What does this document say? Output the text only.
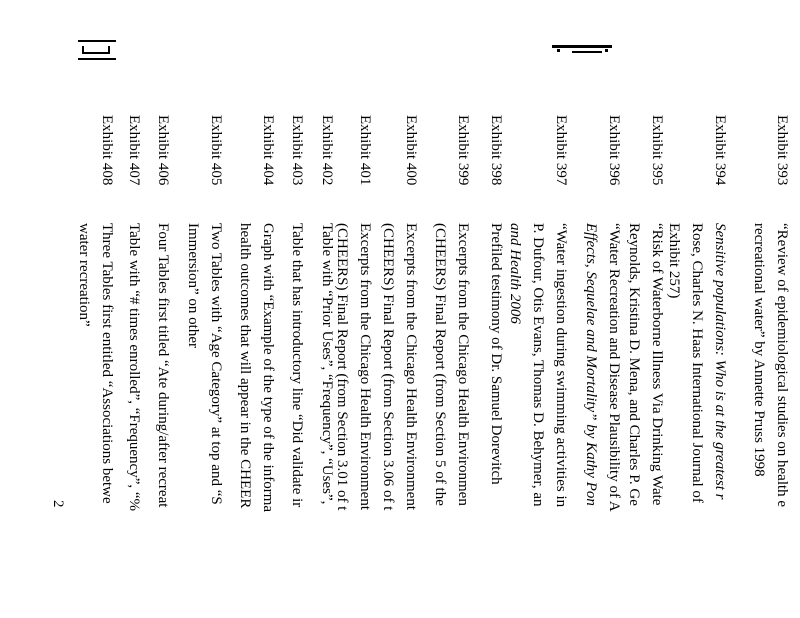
Exhibit 393
“Review of epidemiological studies on health e
recreational water” by Annette Pruss 1998
Exhibit 394
Sensitive populations: Who is at the greatest r
Rose, Charles N. Haas International Journal of
Exhibit 257)
Exhibit 395
“Risk of Waterborne Illness Via Drinking Wate
Reynolds, Kristina D. Mena, and Charles P. Ge
Exhibit 396
“Water Recreation and Disease Plausibility of A
Effects, Sequelae and Mortality” by Kathy Pon
Exhibit 397
“Water ingestion during swimming activities in
P. Dufour, Otis Evans, Thomas D. Behymer, an
and Health 2006
Exhibit 398
Prefiled testimony of Dr. Samuel Dorevitch
Exhibit 399
Excerpts from the Chicago Health Environmen
(CHEERS) Final Report (from Section 5 of the
Exhibit 400
Excerpts from the Chicago Health Environment
(CHEERS) Final Report (from Section 3.06 of t
Exhibit 401
Excerpts from the Chicago Health Environment
(CHEERS) Final Report (from Section 3.01 of t
Exhibit 402
Table with “Prior Uses”, “Frequency”, “Uses”,
Exhibit 403
Table that has introductory line “Did validate ir
Exhibit 404
Graph with “Example of the type of the informa
health outcomes that will appear in the CHEER
Exhibit 405
Two Tables with “Age Category” at top and “S
Immersion” on other
Exhibit 406
Four Tables first titled “Ate during/after recreat
Exhibit 407
Table with “# times enrolled”, “Frequency”, “%
Exhibit 408
Three Tables first entitled “Associations betwe
water recreation”
2
